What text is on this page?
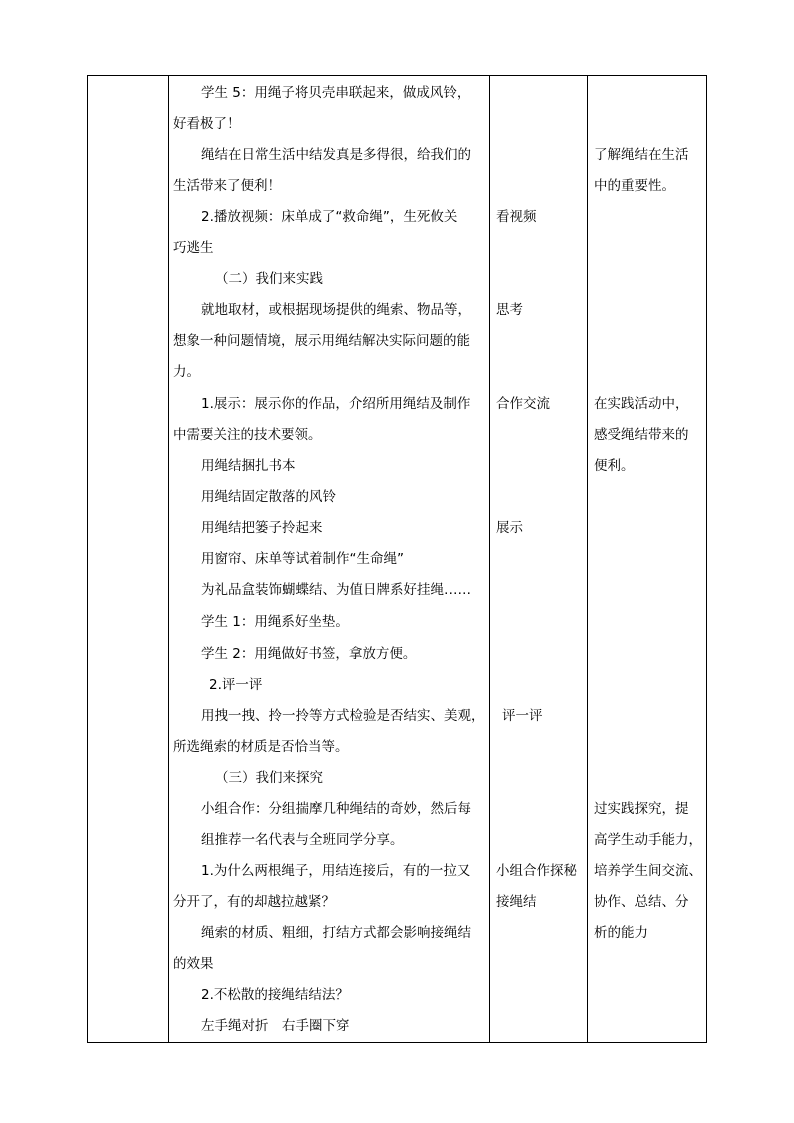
学生 5：用绳子将贝壳串联起来，做成风铃，
好看极了！
绳结在日常生活中结发真是多得很，给我们的
生活带来了便利！
2.播放视频：床单成了“救命绳”，生死攸关
巧逃生
（二）我们来实践
就地取材，或根据现场提供的绳索、物品等，
想象一种问题情境，展示用绳结解决实际问题的能
力。
1.展示：展示你的作品，介绍所用绳结及制作
中需要关注的技术要领。
用绳结捆扎书本
用绳结固定散落的风铃
用绳结把篓子拎起来
用窗帘、床单等试着制作“生命绳”
为礼品盒装饰蝴蝶结、为值日牌系好挂绳……
学生 1：用绳系好坐垫。
学生 2：用绳做好书签，拿放方便。
2.评一评
用拽一拽、拎一拎等方式检验是否结实、美观，
所选绳索的材质是否恰当等。
（三）我们来探究
小组合作：分组揣摩几种绳结的奇妙，然后每
组推荐一名代表与全班同学分享。
1.为什么两根绳子，用结连接后，有的一拉又
分开了，有的却越拉越紧？
绳索的材质、粗细，打结方式都会影响接绳结
的效果
2.不松散的接绳结结法？
左手绳对折　右手圈下穿
看视频
思考
合作交流
展示
评一评
小组合作探秘
接绳结
了解绳结在生活
中的重要性。
在实践活动中，
感受绳结带来的
便利。
过实践探究，提
高学生动手能力，
培养学生间交流、
协作、总结、分
析的能力
